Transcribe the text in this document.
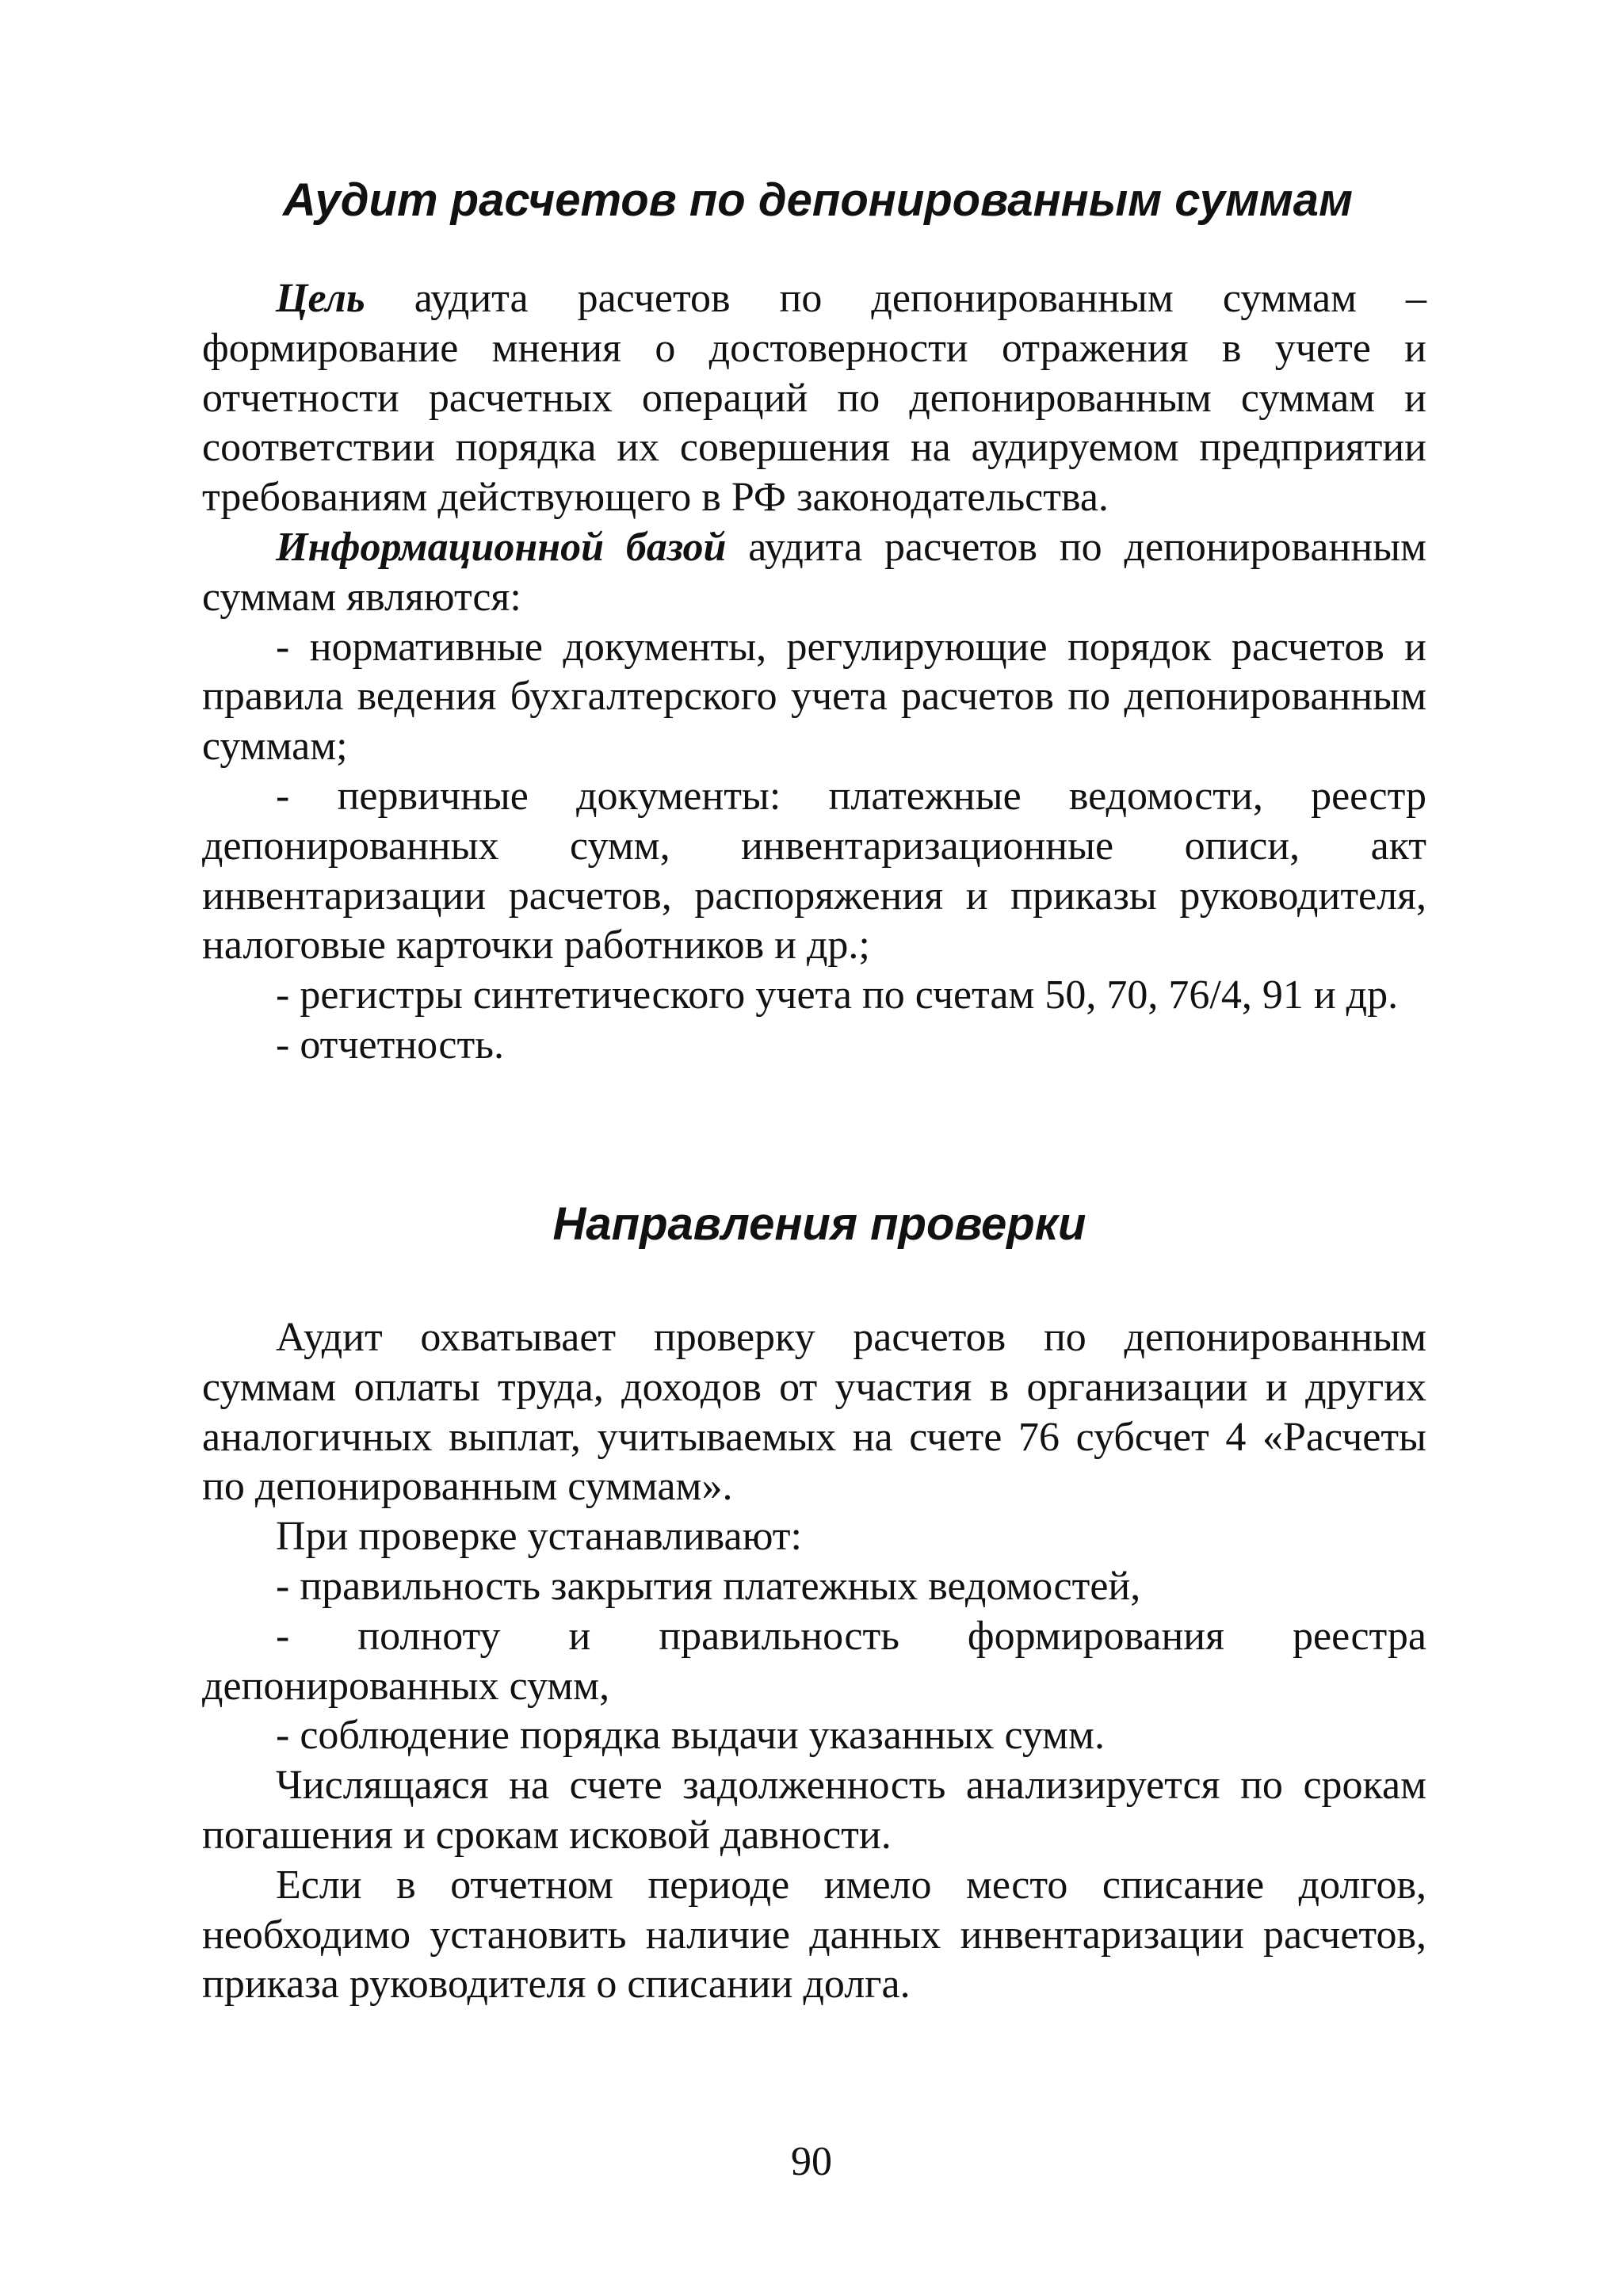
Аудит расчетов по депонированным суммам

Цель аудита расчетов по депонированным суммам – формирование мнения о достоверности отражения в учете и отчетности расчетных операций по депонированным суммам и соответствии порядка их совершения на аудируемом предприятии требованиям действующего в РФ законодательства.

Информационной базой аудита расчетов по депонированным суммам являются:

- нормативные документы, регулирующие порядок расчетов и правила ведения бухгалтерского учета расчетов по депонированным суммам;

- первичные документы: платежные ведомости, реестр депонированных сумм, инвентаризационные описи, акт инвентаризации расчетов, распоряжения и приказы руководителя, налоговые карточки работников и др.;

- регистры синтетического учета по счетам 50, 70, 76/4, 91 и др.

- отчетность.

Направления проверки

Аудит охватывает проверку расчетов по депонированным суммам оплаты труда, доходов от участия в организации и других аналогичных выплат, учитываемых на счете 76 субсчет 4 «Расчеты по депонированным суммам».

При проверке устанавливают:

- правильность закрытия платежных ведомостей,

- полноту и правильность формирования реестра депонированных сумм,

- соблюдение порядка выдачи указанных сумм.

Числящаяся на счете задолженность анализируется по срокам погашения и срокам исковой давности.

Если в отчетном периоде имело место списание долгов, необходимо установить наличие данных инвентаризации расчетов, приказа руководителя о списании долга.

90
